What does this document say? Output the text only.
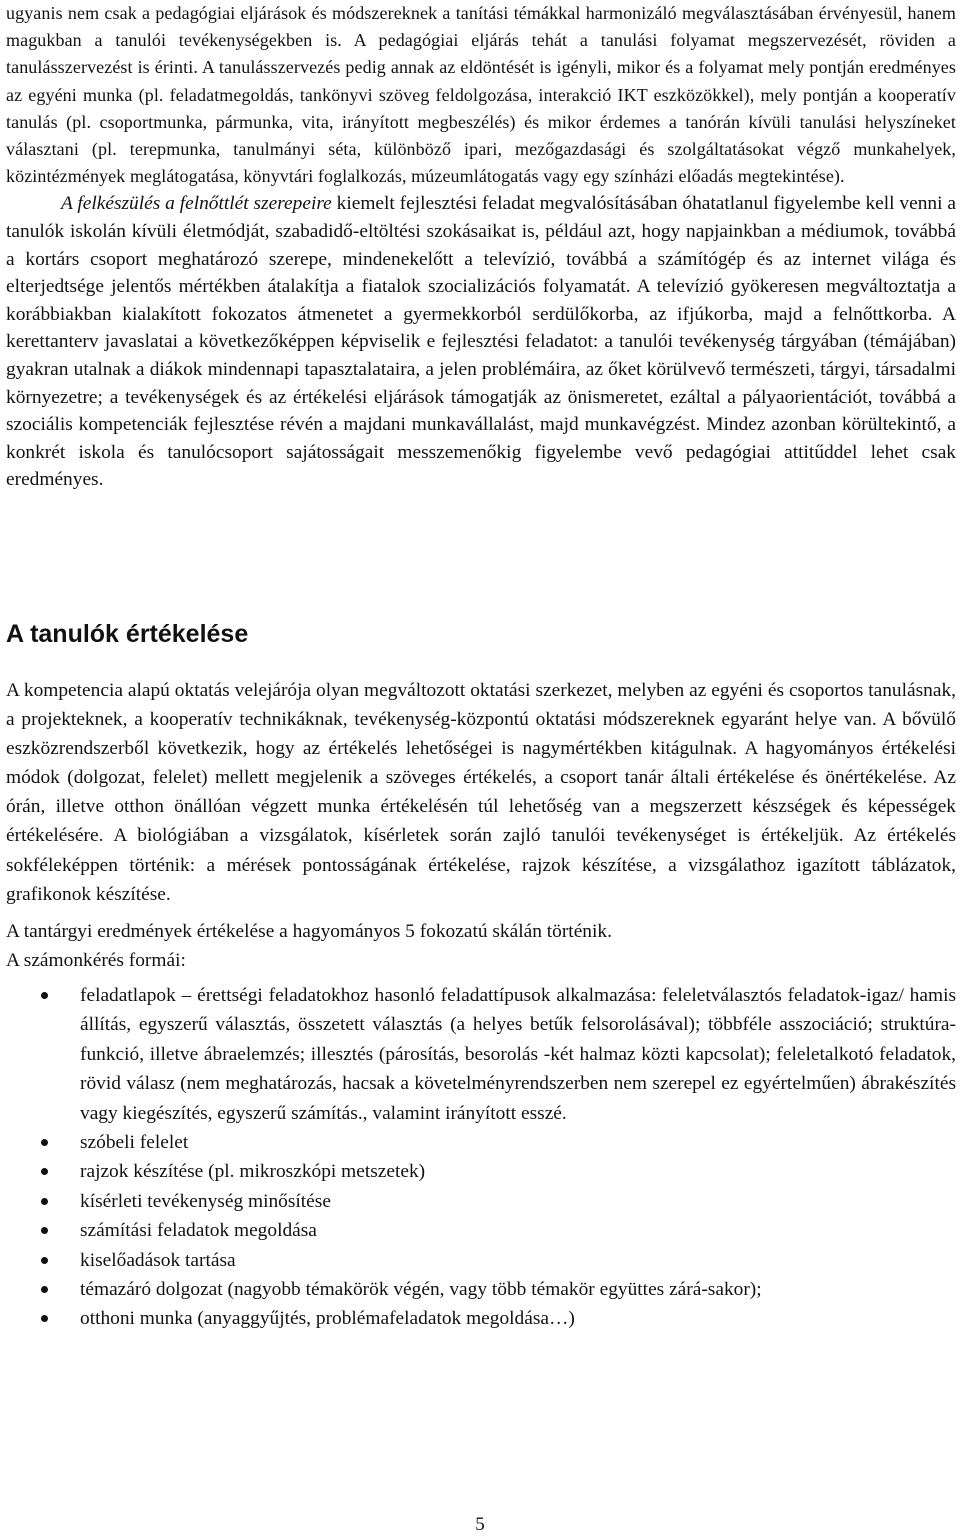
ugyanis nem csak a pedagógiai eljárások és módszereknek a tanítási témákkal harmonizáló megválasztásában érvényesül, hanem magukban a tanulói tevékenységekben is. A pedagógiai eljárás tehát a tanulási folyamat megszervezését, röviden a tanulásszervezést is érinti. A tanulásszervezés pedig annak az eldöntését is igényli, mikor és a folyamat mely pontján eredményes az egyéni munka (pl. feladatmegoldás, tankönyvi szöveg feldolgozása, interakció IKT eszközökkel), mely pontján a kooperatív tanulás (pl. csoportmunka, pármunka, vita, irányított megbeszélés) és mikor érdemes a tanórán kívüli tanulási helyszíneket választani (pl. terepmunka, tanulmányi séta, különböző ipari, mezőgazdasági és szolgáltatásokat végző munkahelyek, közintézmények meglátogatása, könyvtári foglalkozás, múzeumlátogatás vagy egy színházi előadás megtekintése).

A felkészülés a felnőttlét szerepeire kiemelt fejlesztési feladat megvalósításában óhatatlanul figyelembe kell venni a tanulók iskolán kívüli életmódját, szabadidő-eltöltési szokásaikat is, például azt, hogy napjainkban a médiumok, továbbá a kortárs csoport meghatározó szerepe, mindenekelőtt a televízió, továbbá a számítógép és az internet világa és elterjedtsége jelentős mértékben átalakítja a fiatalok szocializációs folyamatát. A televízió gyökeresen megváltoztatja a korábbiakban kialakított fokozatos átmenetet a gyermekkorból serdülőkorba, az ifjúkorba, majd a felnőttkorba. A kerettanterv javaslatai a következőképpen képviselik e fejlesztési feladatot: a tanulói tevékenység tárgyában (témájában) gyakran utalnak a diákok mindennapi tapasztalataira, a jelen problémáira, az őket körülvevő természeti, tárgyi, társadalmi környezetre; a tevékenységek és az értékelési eljárások támogatják az önismeretet, ezáltal a pályaorientációt, továbbá a szociális kompetenciák fejlesztése révén a majdani munkavállalást, majd munkavégzést. Mindez azonban körültekintő, a konkrét iskola és tanulócsoport sajátosságait messzemenőkig figyelembe vevő pedagógiai attitűddel lehet csak eredményes.

A tanulók értékelése

A kompetencia alapú oktatás velejárója olyan megváltozott oktatási szerkezet, melyben az egyéni és csoportos tanulásnak, a projekteknek, a kooperatív technikáknak, tevékenység-központú oktatási módszereknek egyaránt helye van. A bővülő eszközrendszerből következik, hogy az értékelés lehetőségei is nagymértékben kitágulnak. A hagyományos értékelési módok (dolgozat, felelet) mellett megjelenik a szöveges értékelés, a csoport tanár általi értékelése és önértékelése. Az órán, illetve otthon önállóan végzett munka értékelésén túl lehetőség van a megszerzett készségek és képességek értékelésére. A biológiában a vizsgálatok, kísérletek során zajló tanulói tevékenységet is értékeljük. Az értékelés sokféleképpen történik: a mérések pontosságának értékelése, rajzok készítése, a vizsgálathoz igazított táblázatok, grafikonok készítése.

A tantárgyi eredmények értékelése a hagyományos 5 fokozatú skálán történik.

A számonkérés formái:

feladatlapok – érettségi feladatokhoz hasonló feladattípusok alkalmazása: feleletválasztós feladatok-igaz/ hamis állítás, egyszerű választás, összetett választás (a helyes betűk felsorolásával); többféle asszociáció; struktúra-funkció, illetve ábraelemzés; illesztés (párosítás, besorolás -két halmaz közti kapcsolat); feleletalkotó feladatok, rövid válasz (nem meghatározás, hacsak a követelményrendszerben nem szerepel ez egyértelműen) ábrakészítés vagy kiegészítés, egyszerű számítás., valamint irányított esszé.
szóbeli felelet
rajzok készítése (pl. mikroszkópi metszetek)
kísérleti tevékenység minősítése
számítási feladatok megoldása
kiselőadások tartása
témazáró dolgozat (nagyobb témakörök végén, vagy több témakör együttes zárá-sakor);
otthoni munka (anyaggyűjtés, problémafeladatok megoldása…)
5
